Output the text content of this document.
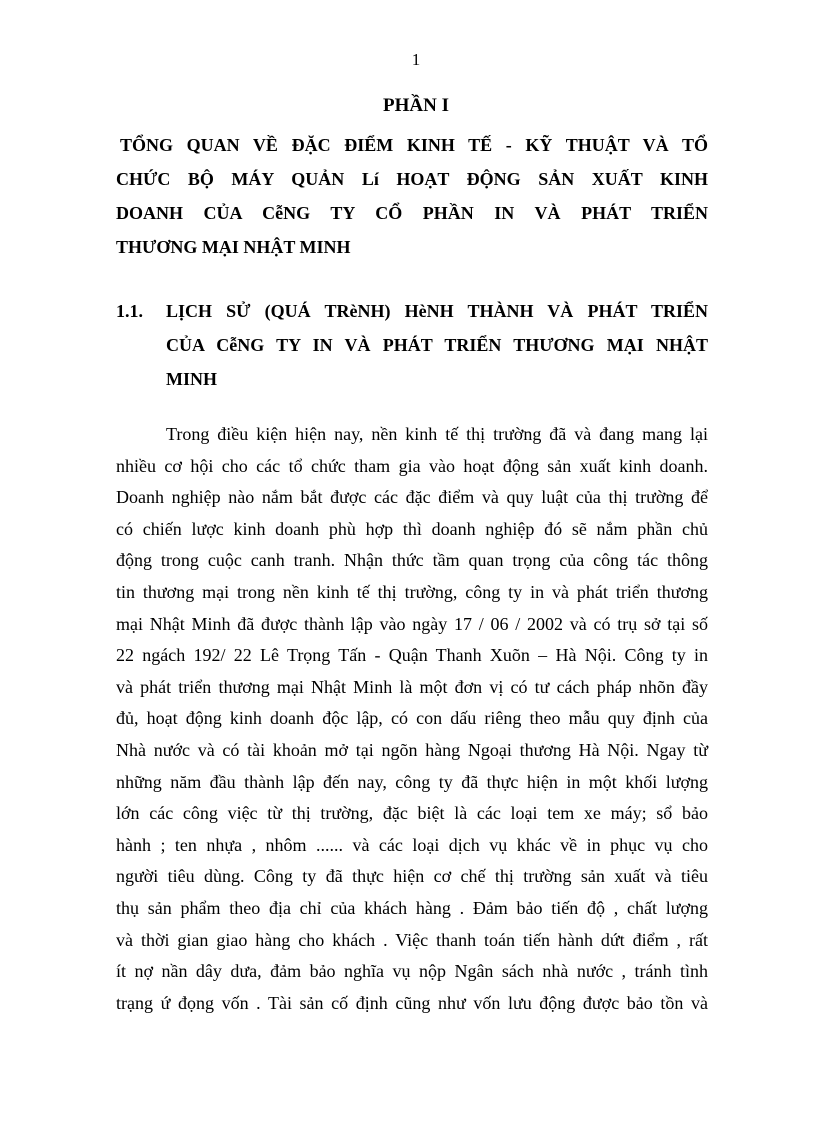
1
PHẦN I
TỔNG QUAN VỀ ĐẶC ĐIỂM KINH TẾ - KỸ THUẬT VÀ TỔ
CHỨC BỘ MÁY QUẢN Lí HOẠT ĐỘNG SẢN XUẤT KINH
DOANH CỦA CễNG TY CỔ PHẦN IN VÀ PHÁT TRIỂN
THƯƠNG MẠI NHẬT MINH
1.1. LỊCH SỬ (QUÁ TRèNH) HèNH THÀNH VÀ PHÁT TRIỂN
CỦA CễNG TY IN VÀ PHÁT TRIỂN THƯƠNG MẠI NHẬT
MINH
Trong điều kiện hiện nay, nền kinh tế thị trường đã và đang mang lại
nhiều cơ hội cho các tổ chức tham gia vào hoạt động sản xuất kinh doanh.
Doanh nghiệp nào nắm bắt được các đặc điểm và quy luật của thị trường để
có chiến lược kinh doanh phù hợp thì doanh nghiệp đó sẽ nắm phần chủ
động trong cuộc canh tranh. Nhận thức tầm quan trọng của công tác thông
tin thương mại trong nền kinh tế thị trường, công ty in và phát triển thương
mại Nhật Minh đã được thành lập vào ngày 17 / 06 / 2002 và có trụ sở tại số
22 ngách 192/ 22 Lê Trọng Tấn - Quận Thanh Xuõn – Hà Nội. Công ty in
và phát triển thương mại Nhật Minh là một đơn vị có tư cách pháp nhõn đầy
đủ, hoạt động kinh doanh độc lập, có con dấu riêng theo mẫu quy định của
Nhà nước và có tài khoản mở tại ngõn hàng Ngoại thương Hà Nội. Ngay từ
những năm đầu thành lập đến nay, công ty đã thực hiện in một khối lượng
lớn các công việc từ thị trường, đặc biệt là các loại tem xe máy; sổ bảo
hành ; ten nhựa , nhôm ...... và các loại dịch vụ khác về in phục vụ cho
người tiêu dùng. Công ty đã thực hiện cơ chế thị trường sản xuất và tiêu
thụ sản phẩm theo địa chỉ của khách hàng . Đảm bảo tiến độ , chất lượng
và thời gian giao hàng cho khách . Việc thanh toán tiến hành dứt điểm , rất
ít nợ nần dây dưa, đảm bảo nghĩa vụ nộp Ngân sách nhà nước , tránh tình
trạng ứ đọng vốn . Tài sản cố định cũng như vốn lưu động được bảo tồn và
